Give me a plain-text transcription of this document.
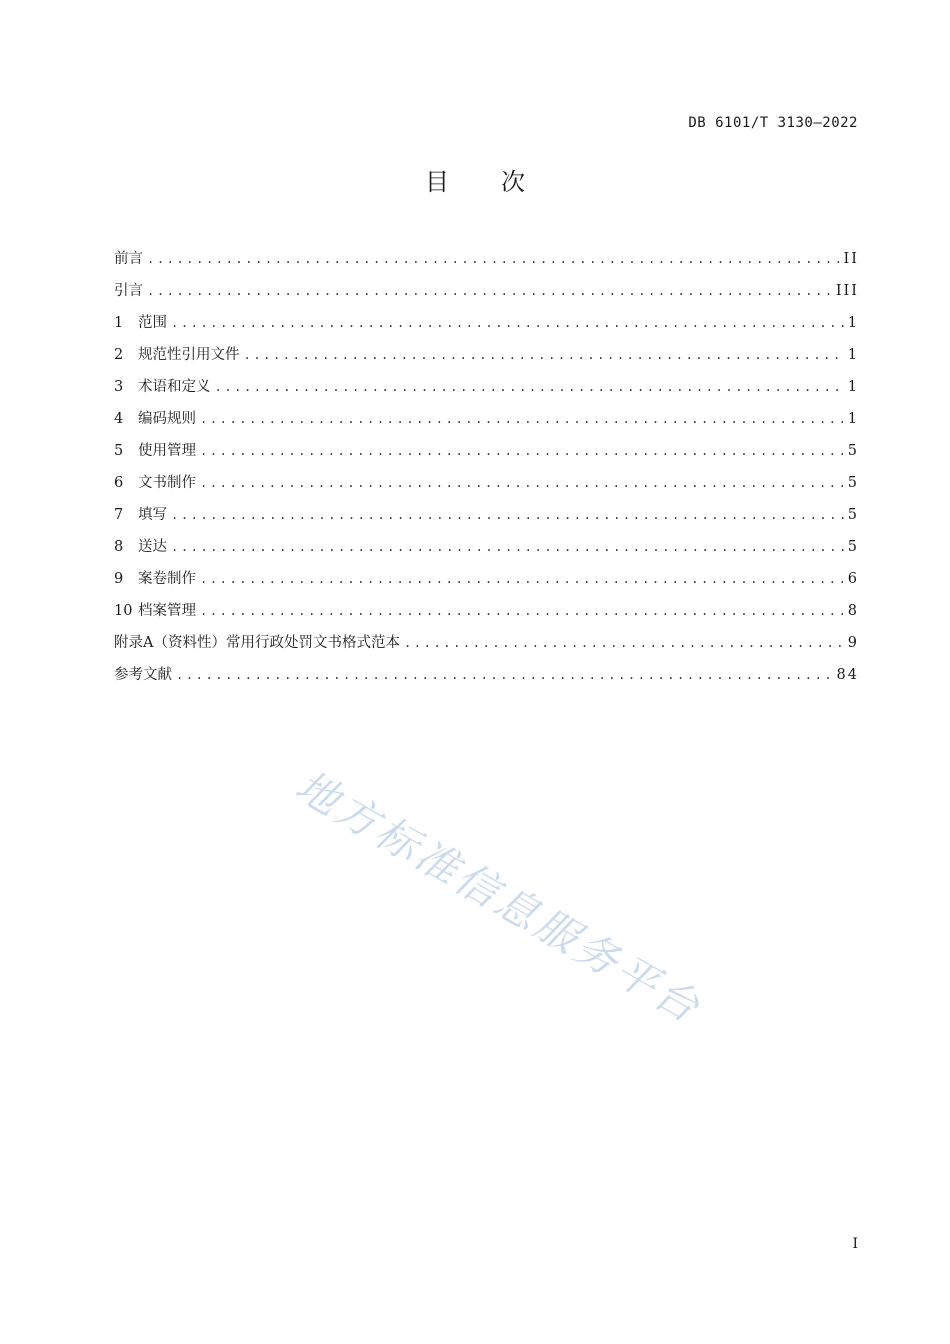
DB 6101/T 3130—2022
目次
前言 .....	II
引言 .....	III
1	范围 .....	1
2	规范性引用文件 .....	1
3	术语和定义 .....	1
4	编码规则 .....	1
5	使用管理 .....	5
6	文书制作 .....	5
7	填写 .....	5
8	送达 .....	5
9	案卷制作 .....	6
10 档案管理 .....	8
附录A（资料性）常用行政处罚文书格式范本 .....	9
参考文献 .....	84
地方标准信息服务平台
I
